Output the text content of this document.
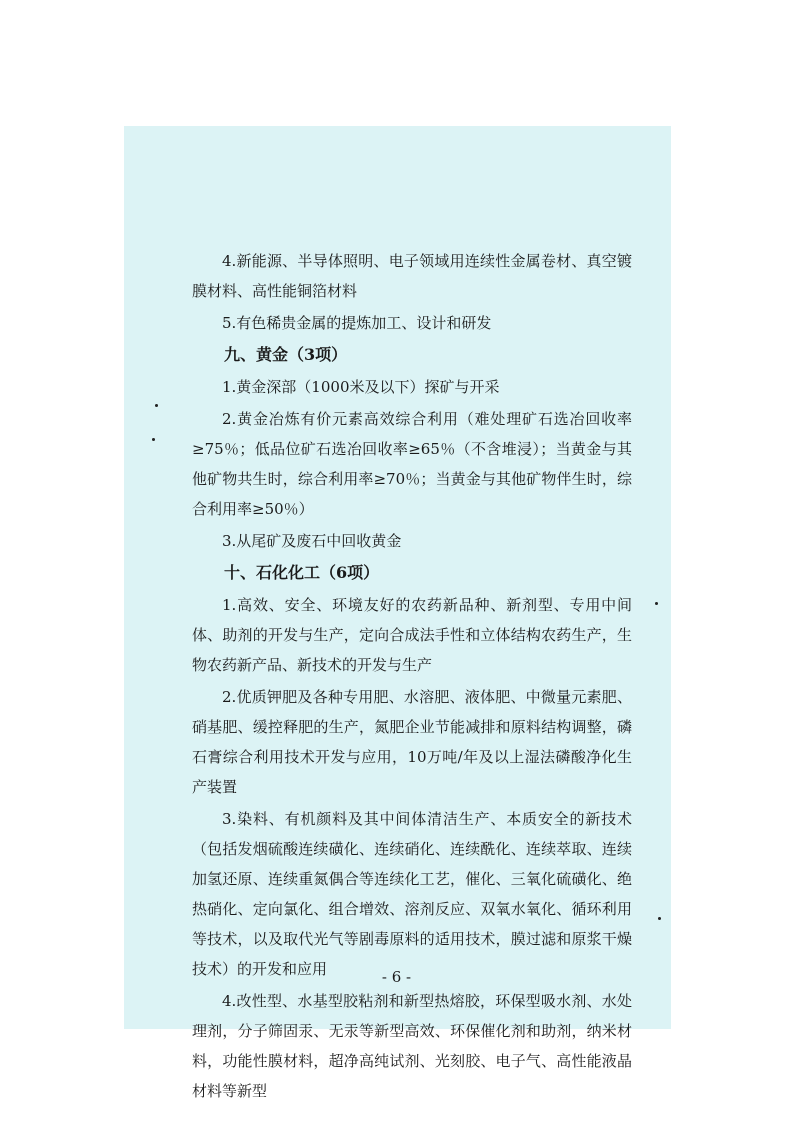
4.新能源、半导体照明、电子领域用连续性金属卷材、真空镀膜材料、高性能铜箔材料

5.有色稀贵金属的提炼加工、设计和研发

九、黄金（3项）

1.黄金深部（1000米及以下）探矿与开采

2.黄金冶炼有价元素高效综合利用（难处理矿石选冶回收率≥75％；低品位矿石选冶回收率≥65％（不含堆浸）；当黄金与其他矿物共生时，综合利用率≥70％；当黄金与其他矿物伴生时，综合利用率≥50％）

3.从尾矿及废石中回收黄金

十、石化化工（6项）

1.高效、安全、环境友好的农药新品种、新剂型、专用中间体、助剂的开发与生产，定向合成法手性和立体结构农药生产，生物农药新产品、新技术的开发与生产

2.优质钾肥及各种专用肥、水溶肥、液体肥、中微量元素肥、硝基肥、缓控释肥的生产，氮肥企业节能减排和原料结构调整，磷石膏综合利用技术开发与应用，10万吨/年及以上湿法磷酸净化生产装置

3.染料、有机颜料及其中间体清洁生产、本质安全的新技术（包括发烟硫酸连续磺化、连续硝化、连续酰化、连续萃取、连续加氢还原、连续重氮偶合等连续化工艺，催化、三氧化硫磺化、绝热硝化、定向氯化、组合增效、溶剂反应、双氧水氧化、循环利用等技术，以及取代光气等剧毒原料的适用技术，膜过滤和原浆干燥技术）的开发和应用

4.改性型、水基型胶粘剂和新型热熔胶，环保型吸水剂、水处理剂，分子筛固汞、无汞等新型高效、环保催化剂和助剂，纳米材料，功能性膜材料，超净高纯试剂、光刻胶、电子气、高性能液晶材料等新型

- 6 -
